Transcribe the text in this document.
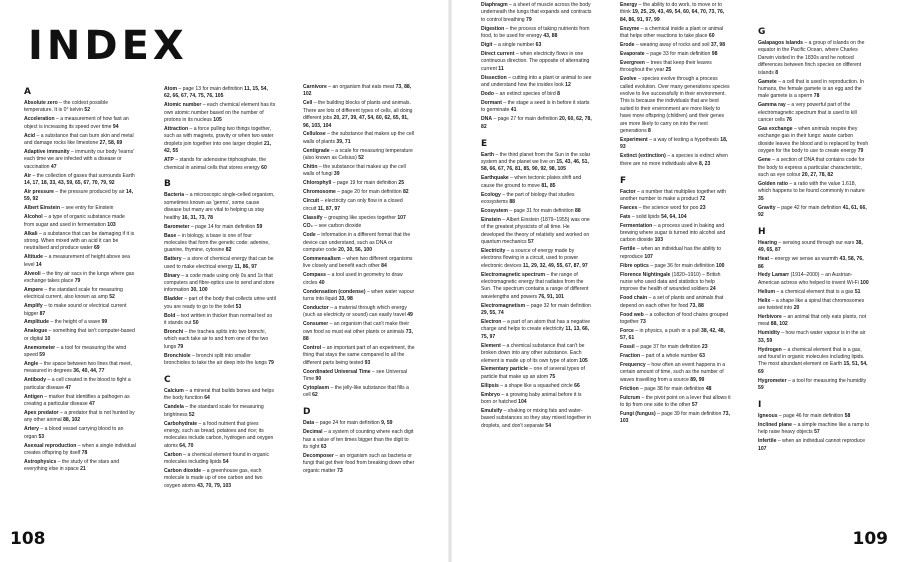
INDEX
A
Absolute zero – the coldest possible temperature. It is 0° kelvin 52
Acceleration – a measurement of how fast an object is increasing its speed over time 94
Acid – a substance that can burn skin and metal and damage rocks like limestone 27, 58, 69
Adaptive immunity – immunity our body 'learns' each time we are infected with a disease or vaccination 47
Air – the collection of gases that surrounds Earth 14, 17, 18, 33, 43, 59, 65, 67, 70, 79, 92
Air pressure – the pressure produced by air 14, 59, 92
Albert Einstein – see entry for Einstein
Alcohol – a type of organic substance made from sugar and used in fermentation 103
Alkali – a substance that can be damaging if it is strong. When mixed with an acid it can be neutralised and produce water 69
Altitude – a measurement of height above sea level 14
Alveoli – the tiny air sacs in the lungs where gas exchange takes place 79
Ampere – the standard scale for measuring electrical current, also known as amp 52
Amplify – to make sound or electrical current bigger 87
Amplitude – the height of a wave 99
Analogue – something that isn't computer-based or digital 10
Anemometer – a tool for measuring the wind speed 59
Angle – the space between two lines that meet, measured in degrees 36, 40, 44, 77
Antibody – a cell created in the blood to fight a particular disease 47
Antigen – marker that identifies a pathogen as creating a particular disease 47
Apex predator – a predator that is not hunted by any other animal 88, 102
Artery – a blood vessel carrying blood to an organ 53
Asexual reproduction – when a single individual creates offspring by itself 78
Astrophysics – the study of the stars and everything else in space 21
Atom – page 13 for main definition 11, 15, 54, 62, 66, 67, 74, 75, 76, 105
Atomic number – each chemical element has its own atomic number based on the number of protons in its nucleus 105
Attraction – a force pulling two things together, such as with magnets, gravity or when two water droplets join together into one larger droplet 21, 42, 55
ATP – stands for adenosine triphosphate, the chemical in animal cells that stores energy 60
B
Bacteria – a microscopic single-celled organism, sometimes known as 'germs', some cause disease but many are vital to helping us stay healthy 16, 31, 73, 78
Barometer – page 14 for main definition 59
Base – in biology, a base is one of four molecules that form the genetic code: adenine, guanine, thymine, cytosine 82
Battery – a store of chemical energy that can be used to make electrical energy 11, 86, 97
Binary – a code made using only 0s and 1s that computers and fibre-optics use to send and store information 30, 100
Bladder – part of the body that collects urine until you are ready to go to the toilet 53
Bold – text written in thicker than normal text so it stands out 50
Bronchi – the trachea splits into two bronchi, which each take air to and from one of the two lungs 79
Bronchiole – bronchi split into smaller bronchioles to take the air deep into the lungs 79
C
Calcium – a mineral that builds bones and helps the body function 64
Candela – the standard scale for measuring brightness 52
Carbohydrate – a food nutrient that gives energy, such as bread, potatoes and rice; its molecules include carbon, hydrogen and oxygen atoms 64, 70
Carbon – a chemical element found in organic molecules including lipids 54
Carbon dioxide – a greenhouse gas, each molecule is made up of one carbon and two oxygen atoms 43, 70, 79, 103
Carnivore – an organism that eats meat 73, 88, 102
Cell – the building blocks of plants and animals. There are lots of different types of cells, all doing different jobs 20, 27, 39, 47, 54, 60, 62, 65, 91, 96, 103, 104
Cellulose – the substance that makes up the cell walls of plants 39, 71
Centigrade – a scale for measuring temperature (also known as Celsius) 52
Chitin – the substance that makes up the cell walls of fungi 39
Chlorophyll – page 19 for main definition 25
Chromosome – page 20 for main definition 82
Circuit – electricity can only flow in a closed circuit 11, 87, 97
Classify – grouping like species together 107
CO₂ – see carbon dioxide
Code – information in a different format that the device can understand, such as DNA or computer code 20, 30, 56, 100
Commensalism – when two different organisms live closely and benefit each other 84
Compass – a tool used in geometry to draw circles 40
Condensation (condense) – when water vapour turns into liquid 33, 98
Conductor – a material through which energy (such as electricity or sound) can easily travel 49
Consumer – an organism that can't make their own food so must eat other plants or animals 73, 88
Control – an important part of an experiment, the thing that stays the same compared to all the different parts being tested 93
Coordinated Universal Time – see Universal Time 90
Cytoplasm – the jelly-like substance that fills a cell 62
D
Data – page 24 for main definition 9, 59
Decimal – a system of counting where each digit has a value of ten times bigger than the digit to its right 63
Decomposer – an organism such as bacteria or fungi that get their food from breaking down other organic matter 73
Diaphragm – a sheet of muscle across the body underneath the lungs that expands and contracts to control breathing 79
Digestion – the process of taking nutrients from food, to be used for energy 43, 88
Digit – a single number 63
Direct current – when electricity flows in one continuous direction. The opposite of alternating current 11
Dissection – cutting into a plant or animal to see and understand how the insides look 12
Dodo – an extinct species of bird 8
Dormant – the stage a seed is in before it starts to germinate 41
DNA – page 27 for main definition 20, 60, 62, 78, 82
E
Earth – the third planet from the Sun in the solar system and the planet we live on 15, 43, 46, 51, 58, 66, 67, 76, 81, 85, 90, 92, 98, 105
Earthquake – when tectonic plates shift and cause the ground to move 81, 85
Ecology – the part of biology that studies ecosystems 88
Ecosystem – page 31 for main definition 88
Einstein – Albert Einstein (1879–1955) was one of the greatest physicists of all time. He developed the theory of relativity and worked on quantum mechanics 57
Electricity – a source of energy made by electrons flowing in a circuit, used to power electronic devices 11, 29, 32, 49, 55, 67, 87, 97
Electromagnetic spectrum – the range of electromagnetic energy that radiates from the Sun. The spectrum contains a range of different wavelengths and powers 76, 91, 101
Electromagnetism – page 32 for main definition 29, 55, 74
Electron – a part of an atom that has a negative charge and helps to create electricity 11, 13, 66, 75, 97
Element – a chemical substance that can't be broken down into any other substance. Each element is made up of its own type of atom 105
Elementary particle – one of several types of particle that make up an atom 75
Ellipsis – a shape like a squashed circle 66
Embryo – a growing baby animal before it is born or hatched 104
Emulsify – shaking or mixing fats and water-based substances so they stay mixed together in droplets, and don't separate 54
Energy – the ability to do work, to move or to think 19, 25, 29, 43, 49, 54, 60, 64, 70, 73, 76, 84, 86, 91, 97, 99
Enzyme – a chemical inside a plant or animal that helps other reactions to take place 60
Erode – wearing away of rocks and soil 37, 98
Evaporate – page 33 for main definition 98
Evergreen – trees that keep their leaves throughout the year 25
Evolve – species evolve through a process called evolution. Over many generations species evolve to live successfully in their environment. This is because the individuals that are best suited to their environment are more likely to have more offspring (children) and their genes are more likely to carry on into the next generations 8
Experiment – a way of testing a hypothesis 18, 93
Extinct (extinction) – a species is extinct when there are no more individuals alive 8, 23
F
Factor – a number that multiplies together with another number to make a product 72
Faeces – the science word for poo 23
Fats – solid lipids 54, 64, 104
Fermentation – a process used in baking and brewing where sugar is turned into alcohol and carbon dioxide 103
Fertile – when an individual has the ability to reproduce 107
Fibre optics – page 36 for main definition 100
Florence Nightingale (1820–1910) – British nurse who used data and statistics to help improve the health of wounded soldiers 24
Food chain – a set of plants and animals that depend on each other for food 73, 88
Food web – a collection of food chains grouped together 73
Force – in physics, a push or a pull 38, 42, 48, 57, 61
Fossil – page 37 for main definition 23
Fraction – part of a whole number 63
Frequency – how often an event happens in a certain amount of time, such as the number of waves travelling from a source 89, 99
Friction – page 38 for main definition 48
Fulcrum – the pivot point on a lever that allows it to tip from one side to the other 57
Fungi (fungus) – page 39 for main definition 73, 103
G
Galapagos islands – a group of islands on the equator in the Pacific Ocean, where Charles Darwin visited in the 1830s and he noticed differences between finch species on different islands 8
Gamete – a cell that is used in reproduction. In humans, the female gamete is an egg and the male gamete is a sperm 78
Gamma ray – a very powerful part of the electromagnetic spectrum that is used to kill cancer cells 76
Gas exchange – when animals respire they exchange gas in their lungs: waste carbon dioxide leaves the blood and is replaced by fresh oxygen for the body to use to create energy 79
Gene – a section of DNA that contains code for the body to express a particular characteristic, such as eye colour 20, 27, 78, 82
Golden ratio – a ratio with the value 1.618, which happens to be found commonly in nature 35
Gravity – page 42 for main definition 41, 61, 66, 92
H
Hearing – sensing sound through our ears 38, 49, 65, 87
Heat – energy we sense as warmth 43, 58, 76, 86
Hedy Lamarr (1914–2000) – an Austrian-American actress who helped to invent Wi-Fi 100
Helium – a chemical element that is a gas 51
Helix – a shape like a spiral that chromosomes are twisted into 20
Herbivore – an animal that only eats plants, not meat 88, 102
Humidity – how much water vapour is in the air 33, 59
Hydrogen – a chemical element that is a gas, and found in organic molecules including lipids. The most abundant element on Earth 15, 51, 54, 69
Hygrometer – a tool for measuring the humidity 59
I
Igneous – page 46 for main definition 58
Inclined plane – a simple machine like a ramp to help raise heavy objects 57
Infertile – when an individual cannot reproduce 107
108	109
